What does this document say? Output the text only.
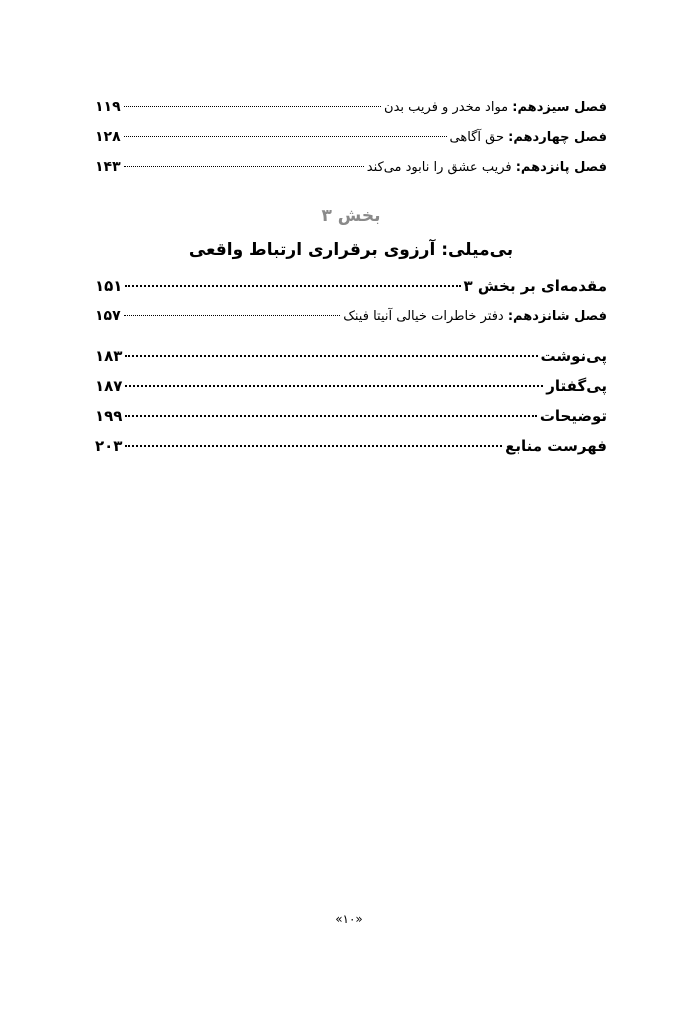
فصل سیزدهم: مواد مخدر و فریب بدن
۱۱۹
فصل چهاردهم: حق آگاهی
۱۲۸
فصل پانزدهم: فریب عشق را نابود می‌کند
۱۴۳
بخش ۳
بی‌میلی: آرزوی برقراری ارتباط واقعی
مقدمه‌ای بر بخش ۳
۱۵۱
فصل شانزدهم: دفتر خاطرات خیالی آنیتا فینک
۱۵۷
پی‌نوشت
۱۸۳
پی‌گفتار
۱۸۷
توضیحات
۱۹۹
فهرست منابع
۲۰۳
«۱۰»
